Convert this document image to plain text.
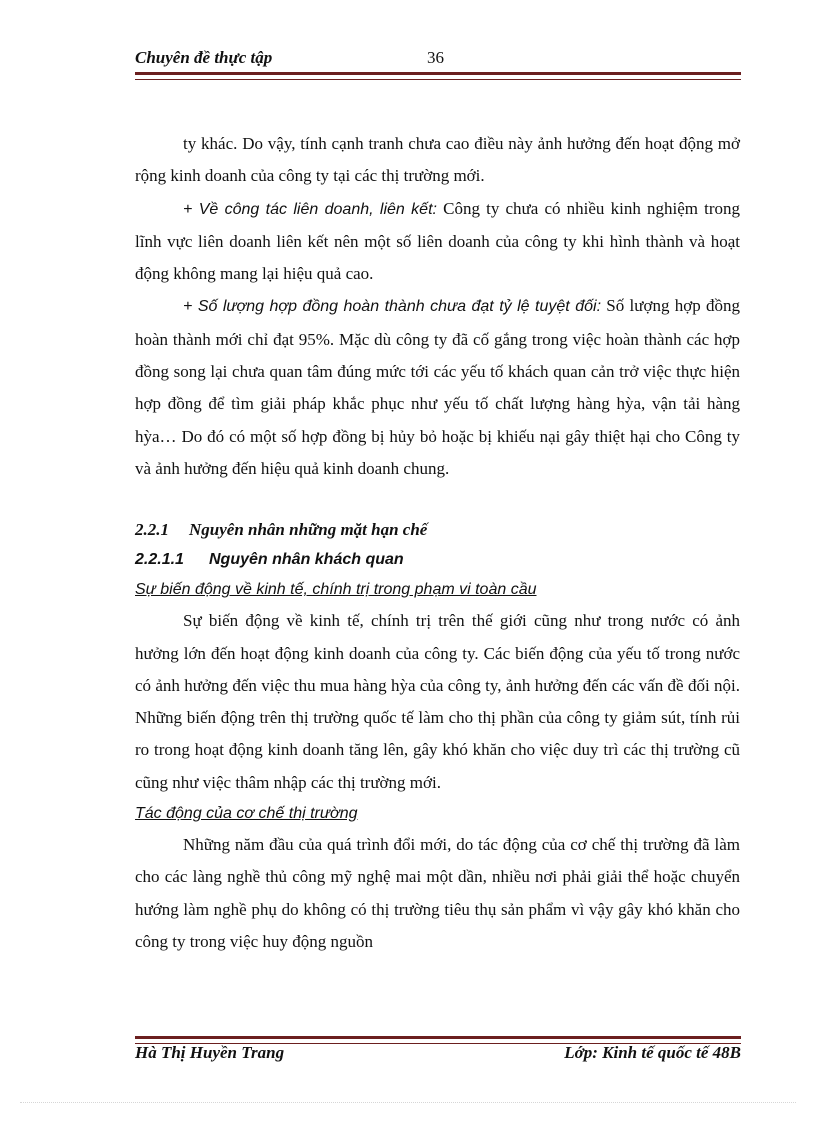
Chuyên đề thực tập	36

ty khác. Do vậy, tính cạnh tranh chưa cao điều này ảnh hưởng đến hoạt động mở rộng kinh doanh của công ty tại các thị trường mới.

+ Về công tác liên doanh, liên kết: Công ty chưa có nhiều kinh nghiệm trong lĩnh vực liên doanh liên kết nên một số liên doanh của công ty khi hình thành và hoạt động không mang lại hiệu quả cao.

+ Số lượng hợp đồng hoàn thành chưa đạt tỷ lệ tuyệt đối: Số lượng hợp đồng hoàn thành mới chỉ đạt 95%. Mặc dù công ty đã cố gắng trong việc hoàn thành các hợp đồng song lại chưa quan tâm đúng mức tới các yếu tố khách quan cản trở việc thực hiện hợp đồng để tìm giải pháp khắc phục như yếu tố chất lượng hàng hỳa, vận tải hàng hỳa… Do đó có một số hợp đồng bị hủy bỏ hoặc bị khiếu nại gây thiệt hại cho Công ty và ảnh hưởng đến hiệu quả kinh doanh chung.

2.2.1 Nguyên nhân những mặt hạn chế
2.2.1.1 Nguyên nhân khách quan

Sự biến động về kinh tế, chính trị trong phạm vi toàn cầu

Sự biến động về kinh tế, chính trị trên thế giới cũng như trong nước có ảnh hưởng lớn đến hoạt động kinh doanh của công ty. Các biến động của yếu tố trong nước có ảnh hưởng đến việc thu mua hàng hỳa của công ty, ảnh hưởng đến các vấn đề đối nội. Những biến động trên thị trường quốc tế làm cho thị phần của công ty giảm sút, tính rủi ro trong hoạt động kinh doanh tăng lên, gây khó khăn cho việc duy trì các thị trường cũ cũng như việc thâm nhập các thị trường mới.

Tác động của cơ chế thị trường

Những năm đầu của quá trình đổi mới, do tác động của cơ chế thị trường đã làm cho các làng nghề thủ công mỹ nghệ mai một dần, nhiều nơi phải giải thể hoặc chuyển hướng làm nghề phụ do không có thị trường tiêu thụ sản phẩm vì vậy gây khó khăn cho công ty trong việc huy động nguồn

Hà Thị Huyền Trang	Lớp: Kinh tế quốc tế 48B
